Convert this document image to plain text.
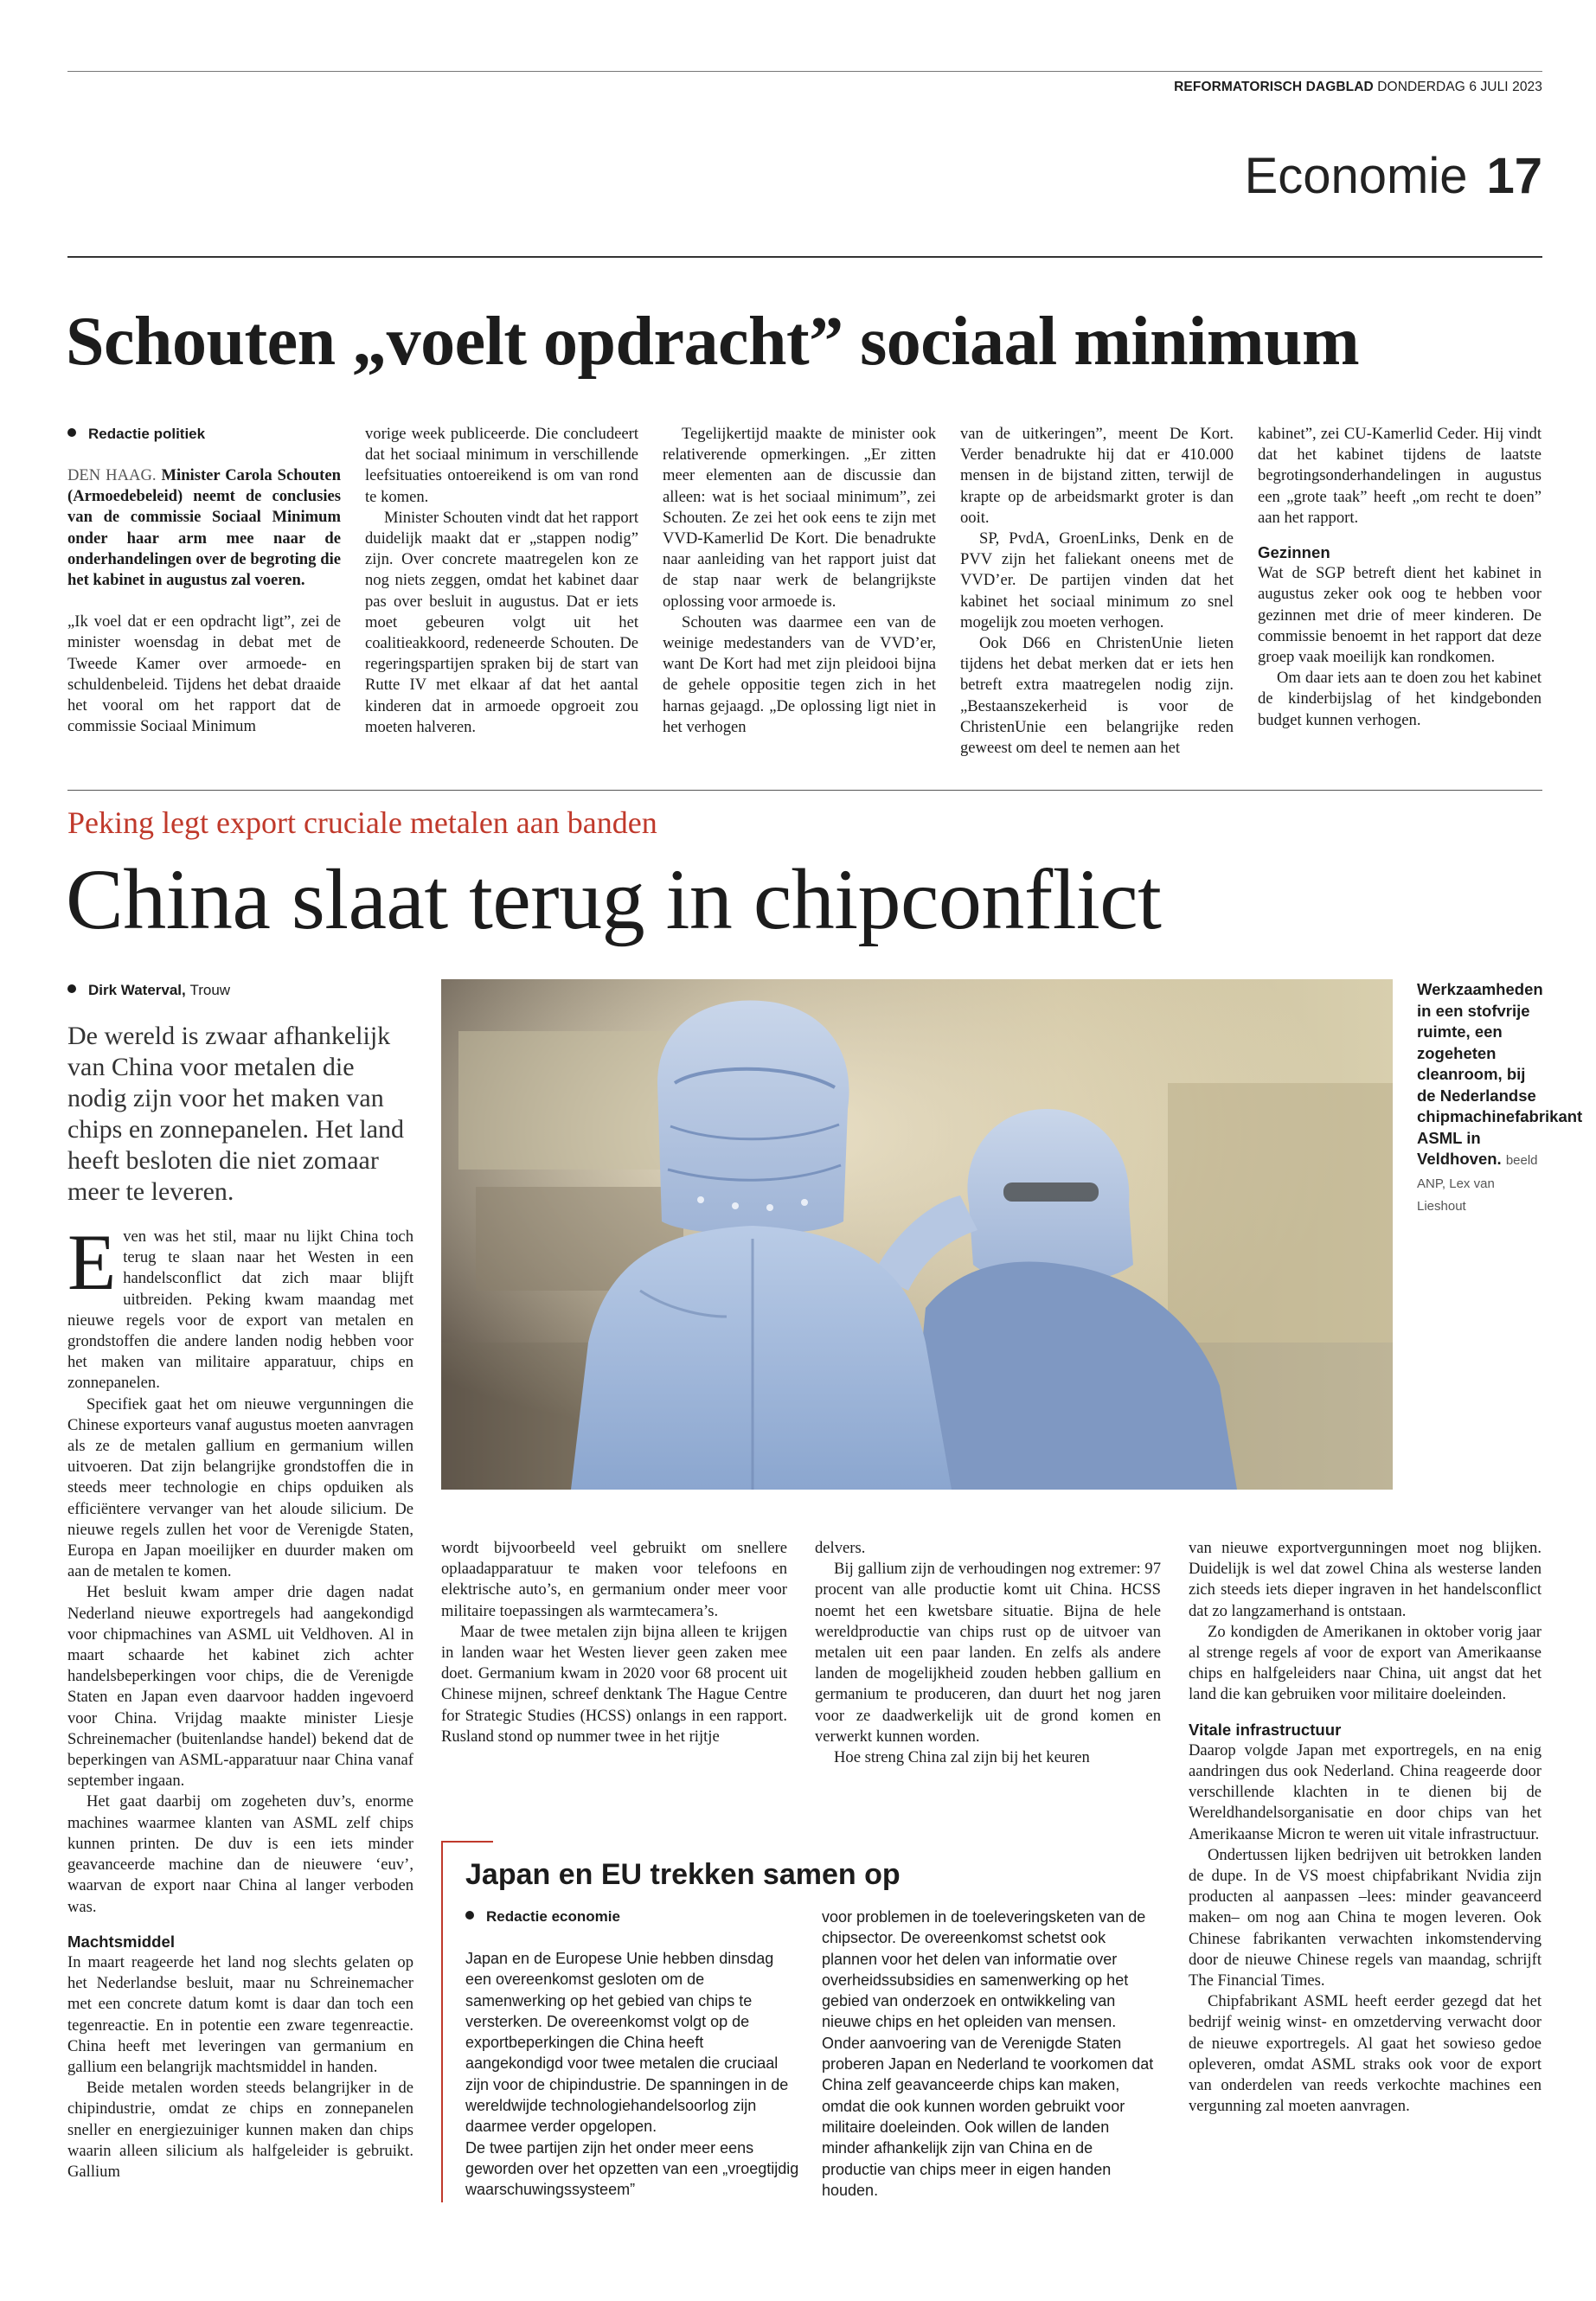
REFORMATORISCH DAGBLAD DONDERDAG 6 JULI 2023
Economie 17
Schouten „voelt opdracht” sociaal minimum
Redactie politiek

DEN HAAG. Minister Carola Schouten (Armoedebeleid) neemt de conclusies van de commissie Sociaal Minimum onder haar arm mee naar de onderhandelingen over de begroting die het kabinet in augustus zal voeren.

„Ik voel dat er een opdracht ligt”, zei de minister woensdag in debat met de Tweede Kamer over armoede- en schuldenbeleid. Tijdens het debat draaide het vooral om het rapport dat de commissie Sociaal Minimum

vorige week publiceerde. Die concludeert dat het sociaal minimum in verschillende leefsituaties ontoereikend is om van rond te komen.

Minister Schouten vindt dat het rapport duidelijk maakt dat er „stappen nodig” zijn. Over concrete maatregelen kon ze nog niets zeggen, omdat het kabinet daar pas over besluit in augustus. Dat er iets moet gebeuren volgt uit het coalitieakkoord, redeneerde Schouten. De regeringspartijen spraken bij de start van Rutte IV met elkaar af dat het aantal kinderen dat in armoede opgroeit zou moeten halveren.

Tegelijkertijd maakte de minister ook relativerende opmerkingen. „Er zitten meer elementen aan de discussie dan alleen: wat is het sociaal minimum”, zei Schouten. Ze zei het ook eens te zijn met VVD-Kamerlid De Kort. Die benadrukte naar aanleiding van het rapport juist dat de stap naar werk de belangrijkste oplossing voor armoede is.

Schouten was daarmee een van de weinige medestanders van de VVD’er, want De Kort had met zijn pleidooi bijna de gehele oppositie tegen zich in het harnas gejaagd. „De oplossing ligt niet in het verhogen

van de uitkeringen”, meent De Kort. Verder benadrukte hij dat er 410.000 mensen in de bijstand zitten, terwijl de krapte op de arbeidsmarkt groter is dan ooit.

SP, PvdA, GroenLinks, Denk en de PVV zijn het faliekant oneens met de VVD’er. De partijen vinden dat het kabinet het sociaal minimum zo snel mogelijk zou moeten verhogen.

Ook D66 en ChristenUnie lieten tijdens het debat merken dat er iets hen betreft extra maatregelen nodig zijn. „Bestaanszekerheid is voor de ChristenUnie een belangrijke reden geweest om deel te nemen aan het

kabinet”, zei CU-Kamerlid Ceder. Hij vindt dat het kabinet tijdens de laatste begrotingsonderhandelingen in augustus een „grote taak” heeft „om recht te doen” aan het rapport.

Gezinnen

Wat de SGP betreft dient het kabinet in augustus zeker ook oog te hebben voor gezinnen met drie of meer kinderen. De commissie benoemt in het rapport dat deze groep vaak moeilijk kan rondkomen.

Om daar iets aan te doen zou het kabinet de kinderbijslag of het kindgebonden budget kunnen verhogen.

Peking legt export cruciale metalen aan banden
China slaat terug in chipconflict
Dirk Waterval, Trouw
De wereld is zwaar afhankelijk van China voor metalen die nodig zijn voor het maken van chips en zonnepanelen. Het land heeft besloten die niet zomaar meer te leveren.
Werkzaamheden in een stofvrije ruimte, een zogeheten cleanroom, bij de Nederlandse chipmachinefabrikant ASML in Veldhoven. beeld ANP, Lex van Lieshout

Even was het stil, maar nu lijkt China toch terug te slaan naar het Westen in een handelsconflict dat zich maar blijft uitbreiden. Peking kwam maandag met nieuwe regels voor de export van metalen en grondstoffen die andere landen nodig hebben voor het maken van militaire apparatuur, chips en zonnepanelen.

Specifiek gaat het om nieuwe vergunningen die Chinese exporteurs vanaf augustus moeten aanvragen als ze de metalen gallium en germanium willen uitvoeren. Dat zijn belangrijke grondstoffen die in steeds meer technologie en chips opduiken als efficiëntere vervanger van het aloude silicium. De nieuwe regels zullen het voor de Verenigde Staten, Europa en Japan moeilijker en duurder maken om aan de metalen te komen.

Het besluit kwam amper drie dagen nadat Nederland nieuwe exportregels had aangekondigd voor chipmachines van ASML uit Veldhoven. Al in maart schaarde het kabinet zich achter handelsbeperkingen voor chips, die de Verenigde Staten en Japan even daarvoor hadden ingevoerd voor China. Vrijdag maakte minister Liesje Schreinemacher (buitenlandse handel) bekend dat de beperkingen van ASML-apparatuur naar China vanaf september ingaan.

Het gaat daarbij om zogeheten duv’s, enorme machines waarmee klanten van ASML zelf chips kunnen printen. De duv is een iets minder geavanceerde machine dan de nieuwere ‘euv’, waarvan de export naar China al langer verboden was.

Machtsmiddel

In maart reageerde het land nog slechts gelaten op het Nederlandse besluit, maar nu Schreinemacher met een concrete datum komt is daar dan toch een tegenreactie. En in potentie een zware tegenreactie. China heeft met leveringen van germanium en gallium een belangrijk machtsmiddel in handen.

Beide metalen worden steeds belangrijker in de chipindustrie, omdat ze chips en zonnepanelen sneller en energiezuiniger kunnen maken dan chips waarin alleen silicium als halfgeleider is gebruikt. Gallium

wordt bijvoorbeeld veel gebruikt om snellere oplaadapparatuur te maken voor telefoons en elektrische auto’s, en germanium onder meer voor militaire toepassingen als warmtecamera’s.

Maar de twee metalen zijn bijna alleen te krijgen in landen waar het Westen liever geen zaken mee doet. Germanium kwam in 2020 voor 68 procent uit Chinese mijnen, schreef denktank The Hague Centre for Strategic Studies (HCSS) onlangs in een rapport. Rusland stond op nummer twee in het rijtje

delvers.

Bij gallium zijn de verhoudingen nog extremer: 97 procent van alle productie komt uit China. HCSS noemt het een kwetsbare situatie. Bijna de hele wereldproductie van chips rust op de uitvoer van metalen uit een paar landen. En zelfs als andere landen de mogelijkheid zouden hebben gallium en germanium te produceren, dan duurt het nog jaren voor ze daadwerkelijk uit de grond komen en verwerkt kunnen worden.

Hoe streng China zal zijn bij het keuren

van nieuwe exportvergunningen moet nog blijken. Duidelijk is wel dat zowel China als westerse landen zich steeds iets dieper ingraven in het handelsconflict dat zo langzamerhand is ontstaan.

Zo kondigden de Amerikanen in oktober vorig jaar al strenge regels af voor de export van Amerikaanse chips en halfgeleiders naar China, uit angst dat het land die kan gebruiken voor militaire doeleinden.

Vitale infrastructuur

Daarop volgde Japan met exportregels, en na enig aandringen dus ook Nederland. China reageerde door verschillende klachten in te dienen bij de Wereldhandelsorganisatie en door chips van het Amerikaanse Micron te weren uit vitale infrastructuur.

Ondertussen lijken bedrijven uit betrokken landen de dupe. In de VS moest chipfabrikant Nvidia zijn producten al aanpassen –lees: minder geavanceerd maken– om nog aan China te mogen leveren. Ook Chinese fabrikanten verwachten inkomstenderving door de nieuwe Chinese regels van maandag, schrijft The Financial Times.

Chipfabrikant ASML heeft eerder gezegd dat het bedrijf weinig winst- en omzetderving verwacht door de nieuwe exportregels. Al gaat het sowieso gedoe opleveren, omdat ASML straks ook voor de export van onderdelen van reeds verkochte machines een vergunning zal moeten aanvragen.

Japan en EU trekken samen op
Redactie economie

Japan en de Europese Unie hebben dinsdag een overeenkomst gesloten om de samenwerking op het gebied van chips te versterken. De overeenkomst volgt op de exportbeperkingen die China heeft aangekondigd voor twee metalen die cruciaal zijn voor de chipindustrie. De spanningen in de wereldwijde technologiehandelsoorlog zijn daarmee verder opgelopen.

De twee partijen zijn het onder meer eens geworden over het opzetten van een „vroegtijdig waarschuwingssysteem”

voor problemen in de toeleveringsketen van de chipsector. De overeenkomst schetst ook plannen voor het delen van informatie over overheidssubsidies en samenwerking op het gebied van onderzoek en ontwikkeling van nieuwe chips en het opleiden van mensen.

Onder aanvoering van de Verenigde Staten proberen Japan en Nederland te voorkomen dat China zelf geavanceerde chips kan maken, omdat die ook kunnen worden gebruikt voor militaire doeleinden. Ook willen de landen minder afhankelijk zijn van China en de productie van chips meer in eigen handen houden.
